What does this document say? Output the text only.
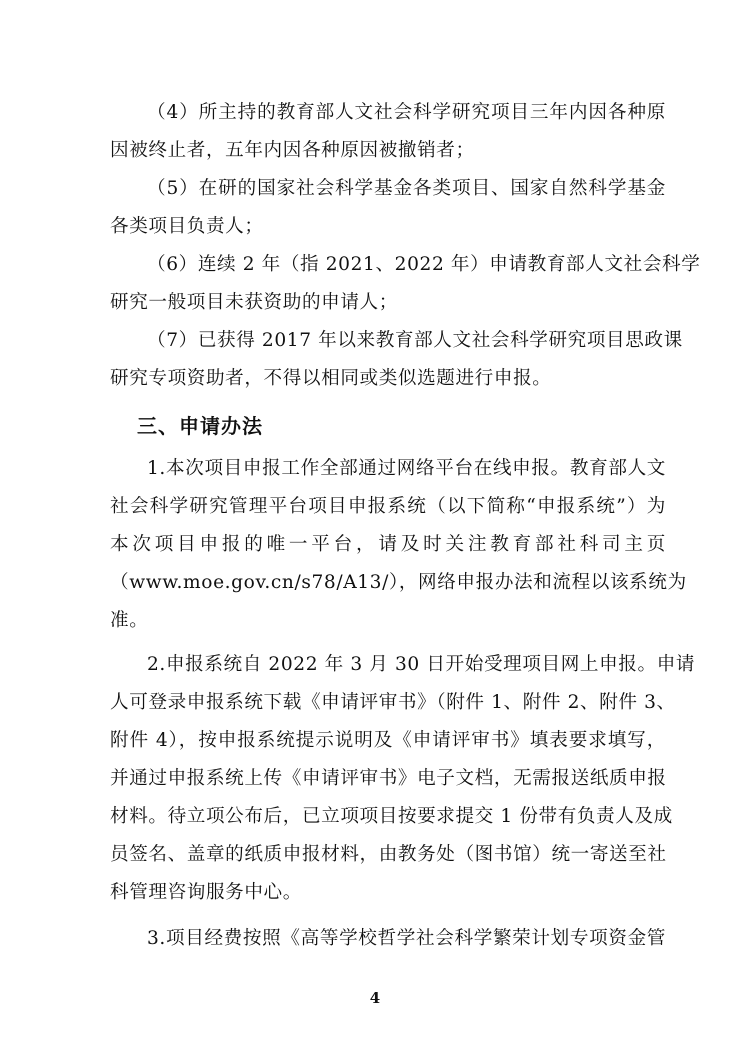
（4）所主持的教育部人文社会科学研究项目三年内因各种原
因被终止者，五年内因各种原因被撤销者；
（5）在研的国家社会科学基金各类项目、国家自然科学基金
各类项目负责人；
（6）连续 2 年（指 2021、2022 年）申请教育部人文社会科学
研究一般项目未获资助的申请人；
（7）已获得 2017 年以来教育部人文社会科学研究项目思政课
研究专项资助者，不得以相同或类似选题进行申报。
三、申请办法
1.本次项目申报工作全部通过网络平台在线申报。教育部人文
社会科学研究管理平台项目申报系统（以下简称“申报系统”）为
本次项目申报的唯一平台，请及时关注教育部社科司主页
（www.moe.gov.cn/s78/A13/），网络申报办法和流程以该系统为
准。
2.申报系统自 2022 年 3 月 30 日开始受理项目网上申报。申请
人可登录申报系统下载《申请评审书》（附件 1、附件 2、附件 3、
附件 4），按申报系统提示说明及《申请评审书》填表要求填写，
并通过申报系统上传《申请评审书》电子文档，无需报送纸质申报
材料。待立项公布后，已立项项目按要求提交 1 份带有负责人及成
员签名、盖章的纸质申报材料，由教务处（图书馆）统一寄送至社
科管理咨询服务中心。
3.项目经费按照《高等学校哲学社会科学繁荣计划专项资金管
4
